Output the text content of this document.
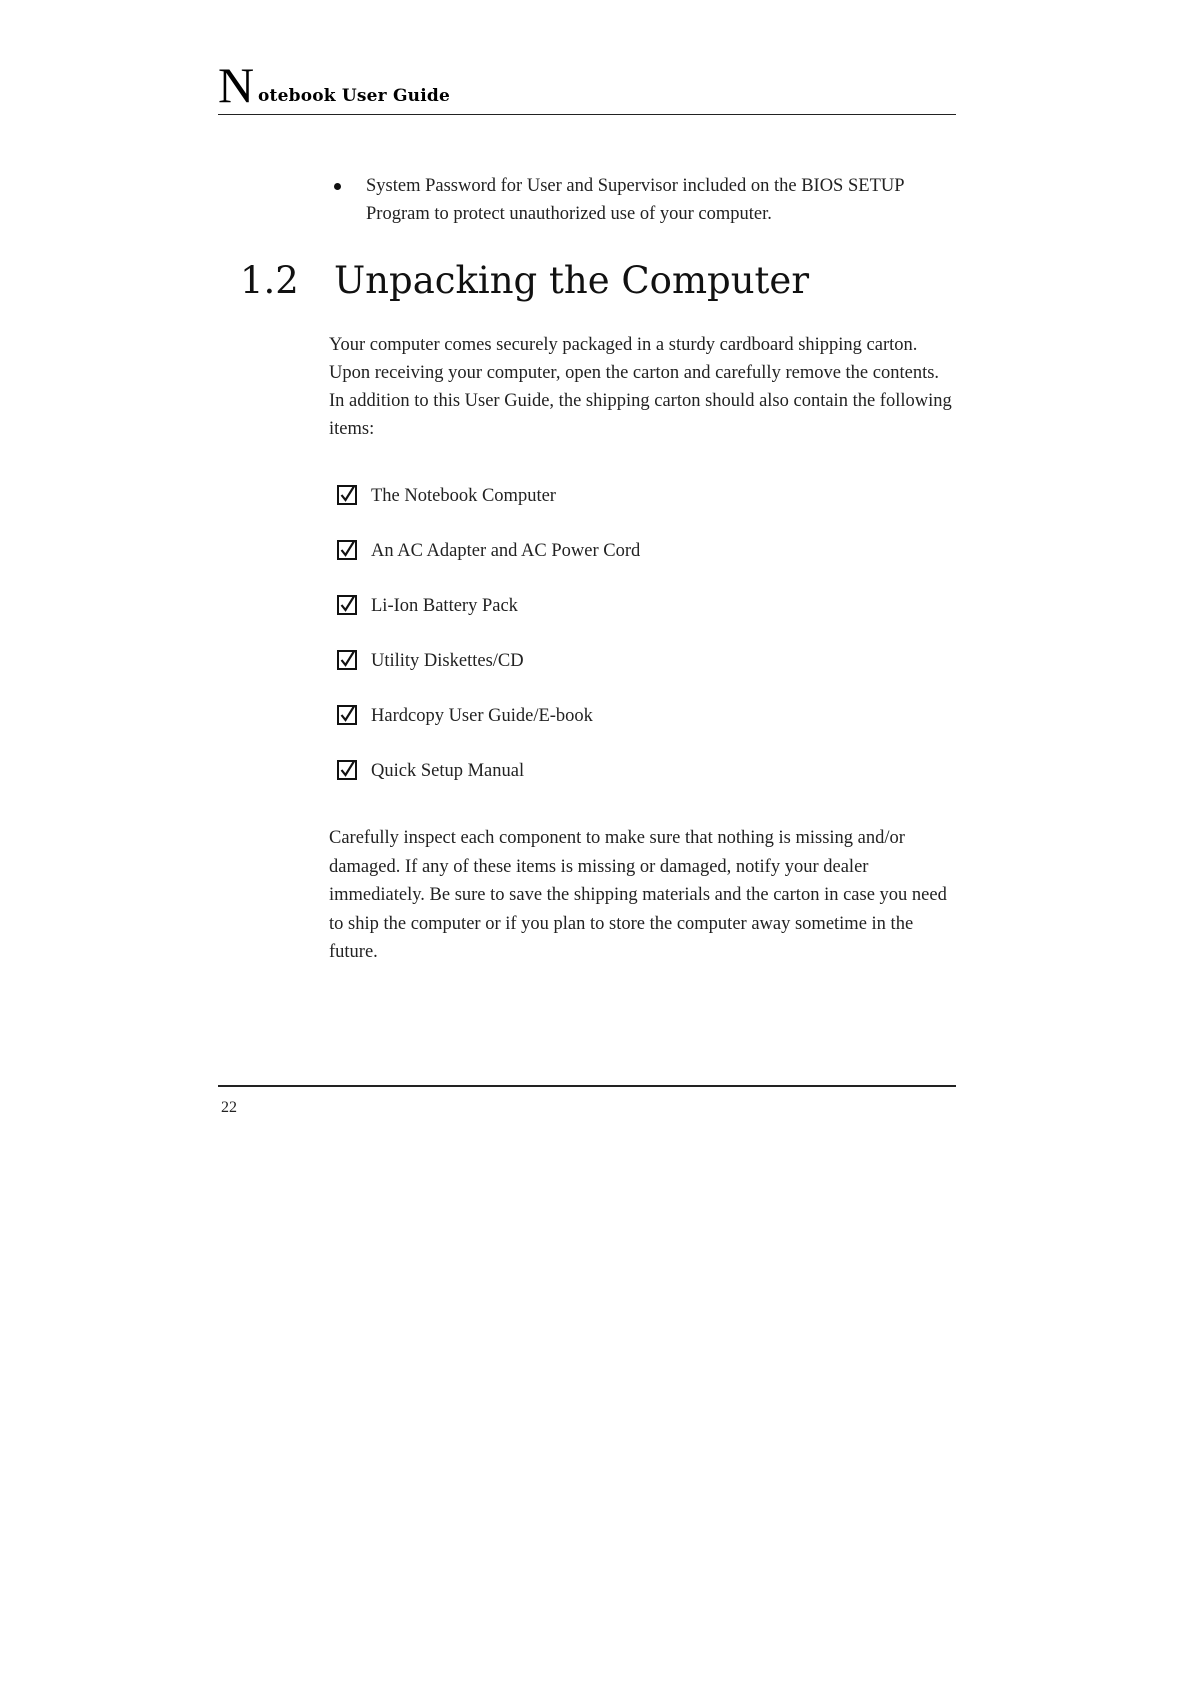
N otebook User Guide
System Password for User and Supervisor included on the BIOS SETUP Program to protect unauthorized use of your computer.
1.2 Unpacking the Computer

Your computer comes securely packaged in a sturdy cardboard shipping carton. Upon receiving your computer, open the carton and carefully remove the contents. In addition to this User Guide, the shipping carton should also contain the following items:

The Notebook Computer
An AC Adapter and AC Power Cord
Li-Ion Battery Pack
Utility Diskettes/CD
Hardcopy User Guide/E-book
Quick Setup Manual

Carefully inspect each component to make sure that nothing is missing and/or damaged. If any of these items is missing or damaged, notify your dealer immediately. Be sure to save the shipping materials and the carton in case you need to ship the computer or if you plan to store the computer away sometime in the future.

22
